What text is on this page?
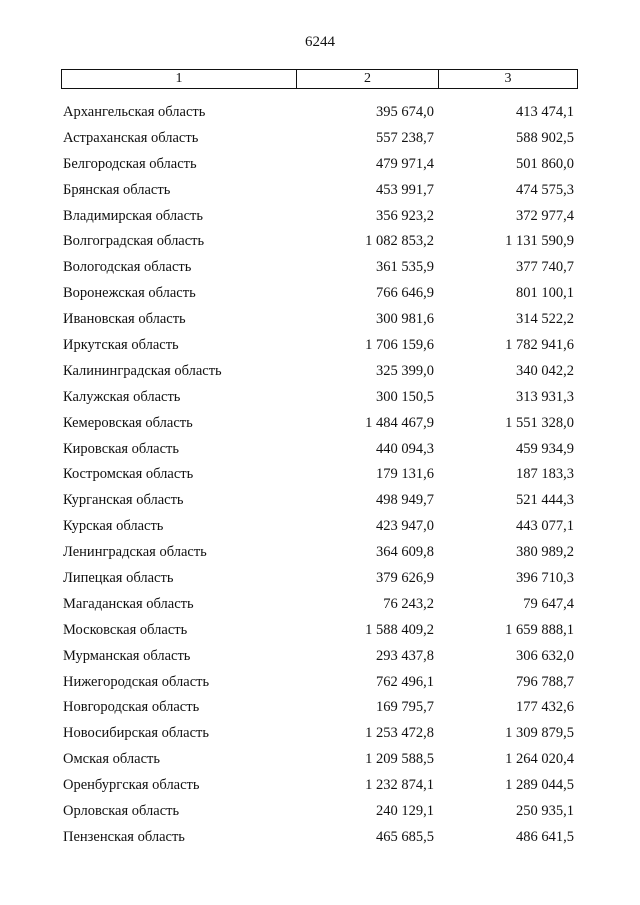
6244
1	2	3
Архангельская область	395 674,0	413 474,1
Астраханская область	557 238,7	588 902,5
Белгородская область	479 971,4	501 860,0
Брянская область	453 991,7	474 575,3
Владимирская область	356 923,2	372 977,4
Волгоградская область	1 082 853,2	1 131 590,9
Вологодская область	361 535,9	377 740,7
Воронежская область	766 646,9	801 100,1
Ивановская область	300 981,6	314 522,2
Иркутская область	1 706 159,6	1 782 941,6
Калининградская область	325 399,0	340 042,2
Калужская область	300 150,5	313 931,3
Кемеровская область	1 484 467,9	1 551 328,0
Кировская область	440 094,3	459 934,9
Костромская область	179 131,6	187 183,3
Курганская область	498 949,7	521 444,3
Курская область	423 947,0	443 077,1
Ленинградская область	364 609,8	380 989,2
Липецкая область	379 626,9	396 710,3
Магаданская область	76 243,2	79 647,4
Московская область	1 588 409,2	1 659 888,1
Мурманская область	293 437,8	306 632,0
Нижегородская область	762 496,1	796 788,7
Новгородская область	169 795,7	177 432,6
Новосибирская область	1 253 472,8	1 309 879,5
Омская область	1 209 588,5	1 264 020,4
Оренбургская область	1 232 874,1	1 289 044,5
Орловская область	240 129,1	250 935,1
Пензенская область	465 685,5	486 641,5
